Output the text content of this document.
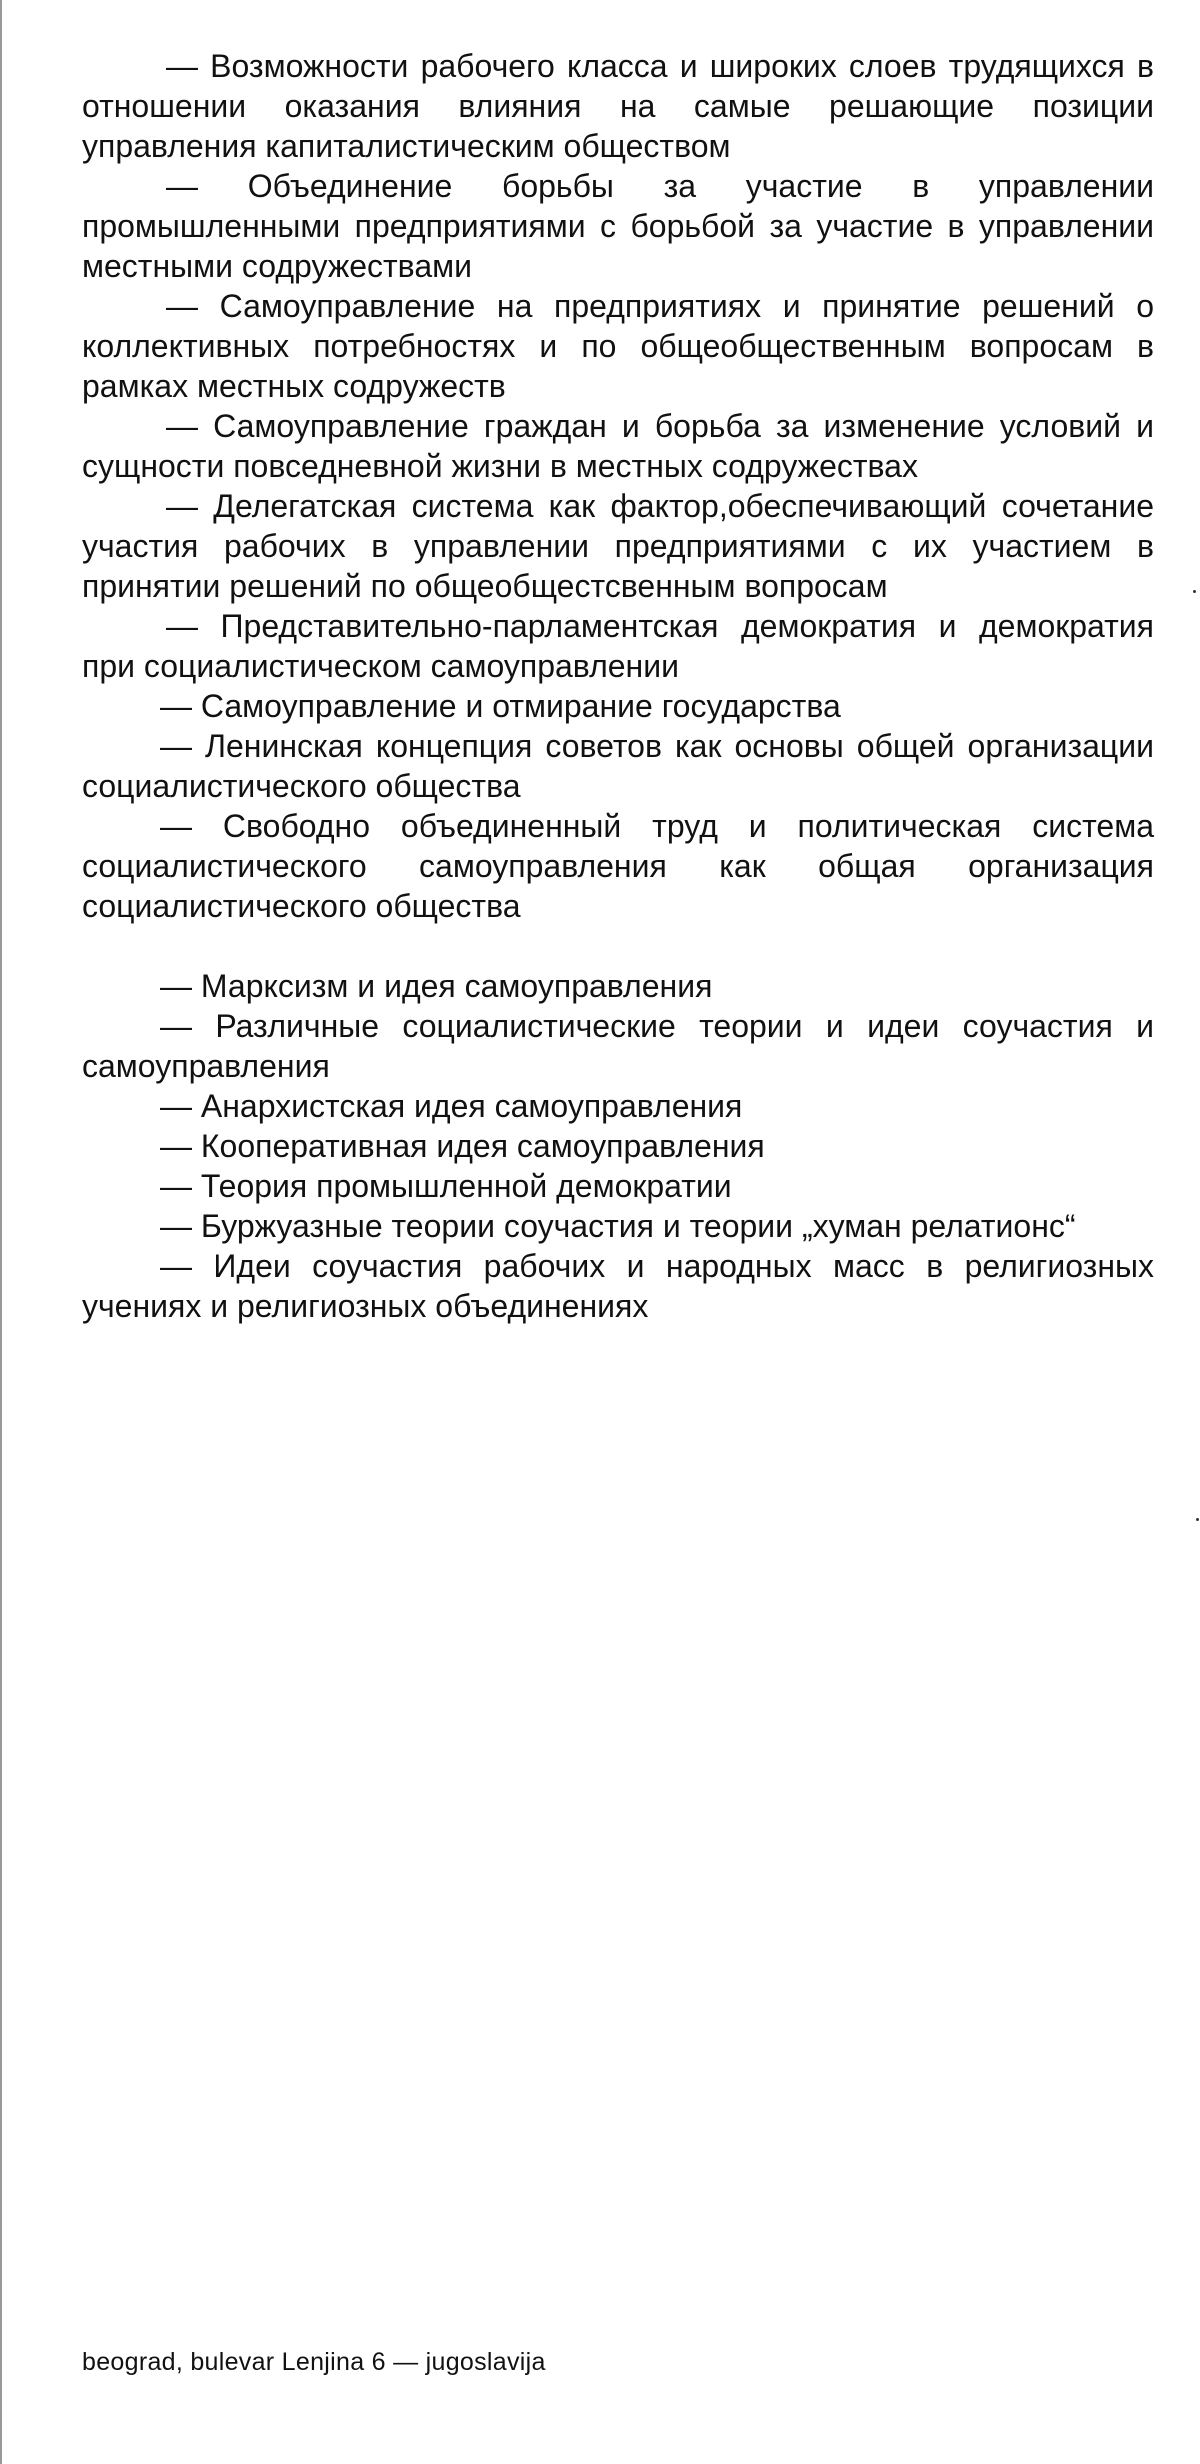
— Возможности рабочего класса и широких слоев трудящихся в отношении оказания влияния на самые решающие позиции управления капиталистическим обществом

— Объединение борьбы за участие в управлении промышленными предприятиями с борьбой за участие в управлении местными содружествами

— Самоуправление на предприятиях и принятие решений о коллективных потребностях и по общеобщественным вопросам в рамках местных содружеств

— Самоуправление граждан и борьба за изменение условий и сущности повседневной жизни в местных содружествах

— Делегатская система как фактор,обеспечивающий сочетание участия рабочих в управлении предприятиями с их участием в принятии решений по общеобщестсвенным вопросам

— Представительно-парламентская демократия и демократия при социалистическом самоуправлении

— Самоуправление и отмирание государства

— Ленинская концепция советов как основы общей организации социалистического общества

— Свободно объединенный труд и политическая система социалистического самоуправления как общая организация социалистического общества

— Марксизм и идея самоуправления

— Различные социалистические теории и идеи соучастия и самоуправления

— Анархистская идея самоуправления

— Кооперативная идея самоуправления

— Теория промышленной демократии

— Буржуазные теории соучастия и теории „хуман релатионс“

— Идеи соучастия рабочих и народных масс в религиозных учениях и религиозных объединениях

beograd, bulevar Lenjina 6 — jugoslavija
